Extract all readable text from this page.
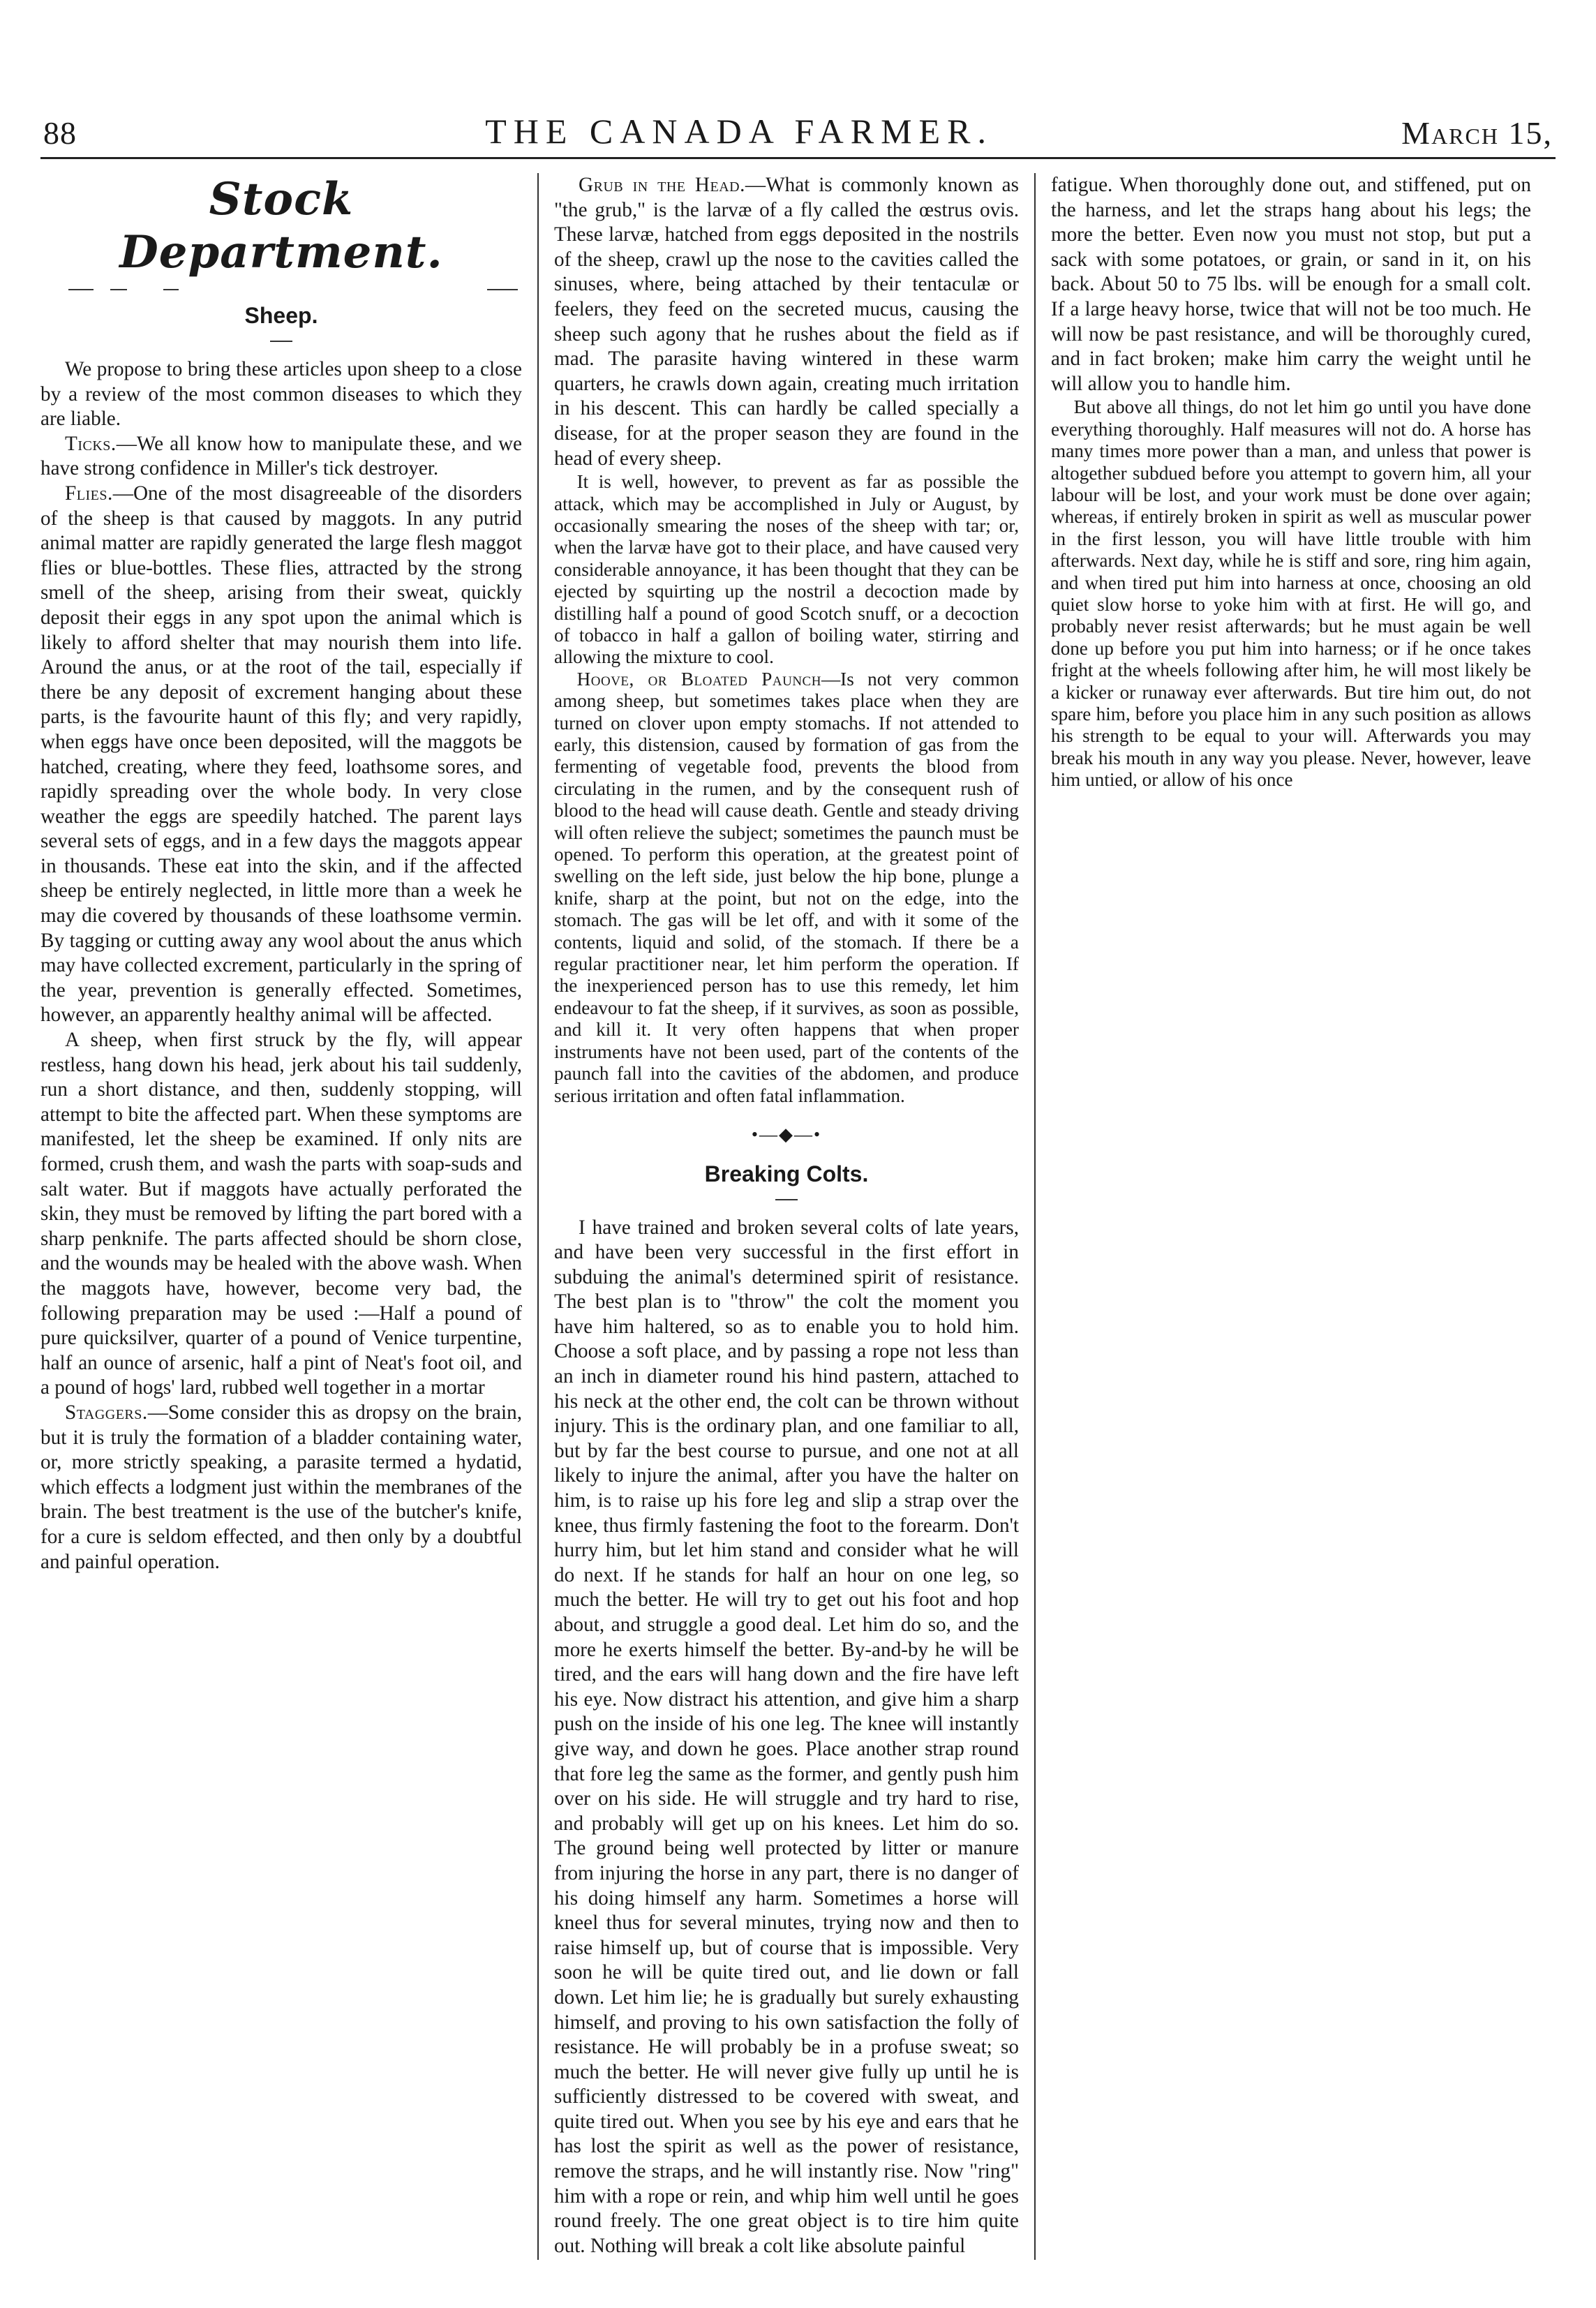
88	THE CANADA FARMER.	March 15,
Stock Department.
Sheep.

We propose to bring these articles upon sheep to a close by a review of the most common diseases to which they are liable.

Ticks.—We all know how to manipulate these, and we have strong confidence in Miller's tick destroyer.

Flies.—One of the most disagreeable of the disorders of the sheep is that caused by maggots. In any putrid animal matter are rapidly generated the large flesh maggot flies or blue-bottles. These flies, attracted by the strong smell of the sheep, arising from their sweat, quickly deposit their eggs in any spot upon the animal which is likely to afford shelter that may nourish them into life. Around the anus, or at the root of the tail, especially if there be any deposit of excrement hanging about these parts, is the favourite haunt of this fly; and very rapidly, when eggs have once been deposited, will the maggots be hatched, creating, where they feed, loathsome sores, and rapidly spreading over the whole body. In very close weather the eggs are speedily hatched. The parent lays several sets of eggs, and in a few days the maggots appear in thousands. These eat into the skin, and if the affected sheep be entirely neglected, in little more than a week he may die covered by thousands of these loathsome vermin. By tagging or cutting away any wool about the anus which may have collected excrement, particularly in the spring of the year, prevention is generally effected. Sometimes, however, an apparently healthy animal will be affected.

A sheep, when first struck by the fly, will appear restless, hang down his head, jerk about his tail suddenly, run a short distance, and then, suddenly stopping, will attempt to bite the affected part. When these symptoms are manifested, let the sheep be examined. If only nits are formed, crush them, and wash the parts with soap-suds and salt water. But if maggots have actually perforated the skin, they must be removed by lifting the part bored with a sharp penknife. The parts affected should be shorn close, and the wounds may be healed with the above wash. When the maggots have, however, become very bad, the following preparation may be used :—Half a pound of pure quicksilver, quarter of a pound of Venice turpentine, half an ounce of arsenic, half a pint of Neat's foot oil, and a pound of hogs' lard, rubbed well together in a mortar

Staggers.—Some consider this as dropsy on the brain, but it is truly the formation of a bladder containing water, or, more strictly speaking, a parasite termed a hydatid, which effects a lodgment just within the membranes of the brain. The best treatment is the use of the butcher's knife, for a cure is seldom effected, and then only by a doubtful and painful operation.

Grub in the Head.—What is commonly known as "the grub," is the larvæ of a fly called the œstrus ovis. These larvæ, hatched from eggs deposited in the nostrils of the sheep, crawl up the nose to the cavities called the sinuses, where, being attached by their tentaculæ or feelers, they feed on the secreted mucus, causing the sheep such agony that he rushes about the field as if mad. The parasite having wintered in these warm quarters, he crawls down again, creating much irritation in his descent. This can hardly be called specially a disease, for at the proper season they are found in the head of every sheep.

It is well, however, to prevent as far as possible the attack, which may be accomplished in July or August, by occasionally smearing the noses of the sheep with tar; or, when the larvæ have got to their place, and have caused very considerable annoyance, it has been thought that they can be ejected by squirting up the nostril a decoction made by distilling half a pound of good Scotch snuff, or a decoction of tobacco in half a gallon of boiling water, stirring and allowing the mixture to cool.

Hoove, or Bloated Paunch—Is not very common among sheep, but sometimes takes place when they are turned on clover upon empty stomachs. If not attended to early, this distension, caused by formation of gas from the fermenting of vegetable food, prevents the blood from circulating in the rumen, and by the consequent rush of blood to the head will cause death. Gentle and steady driving will often relieve the subject; sometimes the paunch must be opened. To perform this operation, at the greatest point of swelling on the left side, just below the hip bone, plunge a knife, sharp at the point, but not on the edge, into the stomach. The gas will be let off, and with it some of the contents, liquid and solid, of the stomach. If there be a regular practitioner near, let him perform the operation. If the inexperienced person has to use this remedy, let him endeavour to fat the sheep, if it survives, as soon as possible, and kill it. It very often happens that when proper instruments have not been used, part of the contents of the paunch fall into the cavities of the abdomen, and produce serious irritation and often fatal inflammation.

•—◆—•
Breaking Colts.

I have trained and broken several colts of late years, and have been very successful in the first effort in subduing the animal's determined spirit of resistance. The best plan is to "throw" the colt the moment you have him haltered, so as to enable you to hold him. Choose a soft place, and by passing a rope not less than an inch in diameter round his hind pastern, attached to his neck at the other end, the colt can be thrown without injury. This is the ordinary plan, and one familiar to all, but by far the best course to pursue, and one not at all likely to injure the animal, after you have the halter on him, is to raise up his fore leg and slip a strap over the knee, thus firmly fastening the foot to the forearm. Don't hurry him, but let him stand and consider what he will do next. If he stands for half an hour on one leg, so much the better. He will try to get out his foot and hop about, and struggle a good deal. Let him do so, and the more he exerts himself the better. By-and-by he will be tired, and the ears will hang down and the fire have left his eye. Now distract his attention, and give him a sharp push on the inside of his one leg. The knee will instantly give way, and down he goes. Place another strap round that fore leg the same as the former, and gently push him over on his side. He will struggle and try hard to rise, and probably will get up on his knees. Let him do so. The ground being well protected by litter or manure from injuring the horse in any part, there is no danger of his doing himself any harm. Sometimes a horse will kneel thus for several minutes, trying now and then to raise himself up, but of course that is impossible. Very soon he will be quite tired out, and lie down or fall down. Let him lie; he is gradually but surely exhausting himself, and proving to his own satisfaction the folly of resistance. He will probably be in a profuse sweat; so much the better. He will never give fully up until he is sufficiently distressed to be covered with sweat, and quite tired out. When you see by his eye and ears that he has lost the spirit as well as the power of resistance, remove the straps, and he will instantly rise. Now "ring" him with a rope or rein, and whip him well until he goes round freely. The one great object is to tire him quite out. Nothing will break a colt like absolute painful

fatigue. When thoroughly done out, and stiffened, put on the harness, and let the straps hang about his legs; the more the better. Even now you must not stop, but put a sack with some potatoes, or grain, or sand in it, on his back. About 50 to 75 lbs. will be enough for a small colt. If a large heavy horse, twice that will not be too much. He will now be past resistance, and will be thoroughly cured, and in fact broken; make him carry the weight until he will allow you to handle him.

But above all things, do not let him go until you have done everything thoroughly. Half measures will not do. A horse has many times more power than a man, and unless that power is altogether subdued before you attempt to govern him, all your labour will be lost, and your work must be done over again; whereas, if entirely broken in spirit as well as muscular power in the first lesson, you will have little trouble with him afterwards. Next day, while he is stiff and sore, ring him again, and when tired put him into harness at once, choosing an old quiet slow horse to yoke him with at first. He will go, and probably never resist afterwards; but he must again be well done up before you put him into harness; or if he once takes fright at the wheels following after him, he will most likely be a kicker or runaway ever afterwards. But tire him out, do not spare him, before you place him in any such position as allows his strength to be equal to your will. Afterwards you may break his mouth in any way you please. Never, however, leave him untied, or allow of his once
